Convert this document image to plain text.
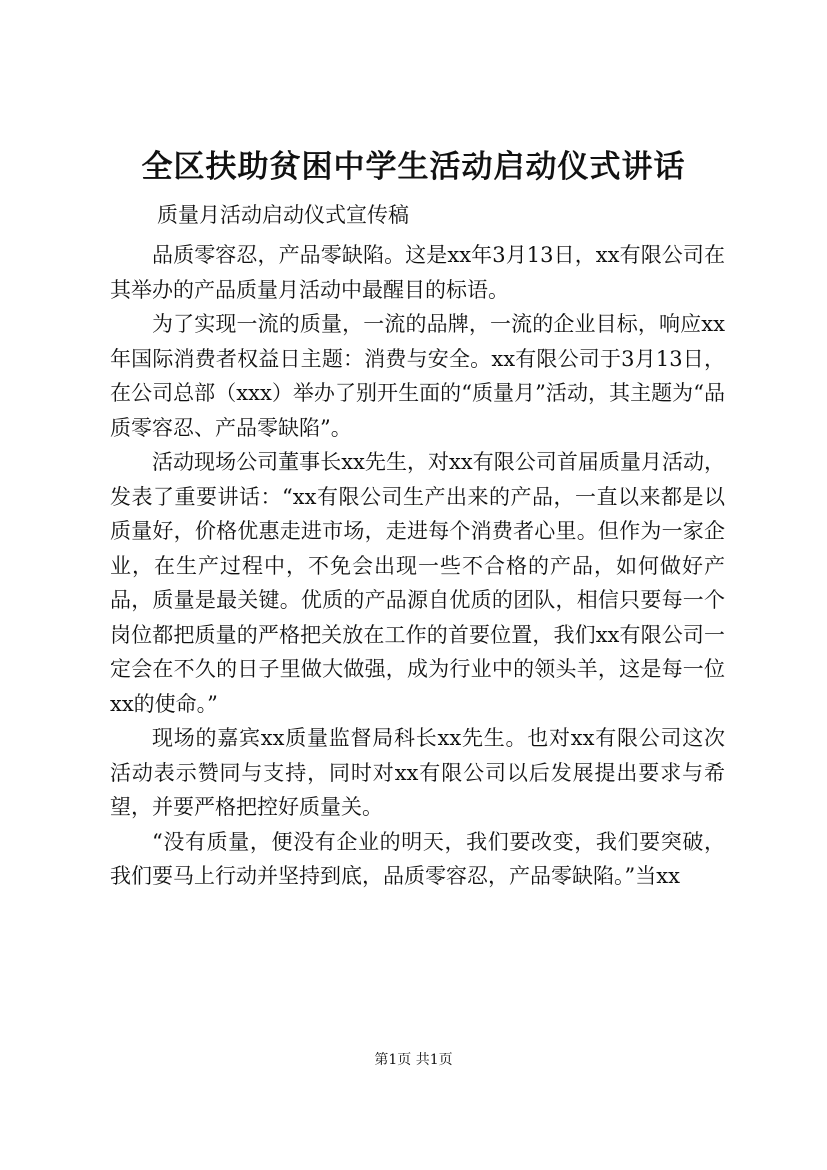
全区扶助贫困中学生活动启动仪式讲话

质量月活动启动仪式宣传稿

品质零容忍，产品零缺陷。这是xx年3月13日，xx有限公司在其举办的产品质量月活动中最醒目的标语。

为了实现一流的质量，一流的品牌，一流的企业目标，响应xx年国际消费者权益日主题：消费与安全。xx有限公司于3月13日，在公司总部（xxx）举办了别开生面的“质量月”活动，其主题为“品质零容忍、产品零缺陷”。

活动现场公司董事长xx先生，对xx有限公司首届质量月活动，发表了重要讲话：“xx有限公司生产出来的产品，一直以来都是以质量好，价格优惠走进市场，走进每个消费者心里。但作为一家企业，在生产过程中，不免会出现一些不合格的产品，如何做好产品，质量是最关键。优质的产品源自优质的团队，相信只要每一个岗位都把质量的严格把关放在工作的首要位置，我们xx有限公司一定会在不久的日子里做大做强，成为行业中的领头羊，这是每一位xx的使命。”

现场的嘉宾xx质量监督局科长xx先生。也对xx有限公司这次活动表示赞同与支持，同时对xx有限公司以后发展提出要求与希望，并要严格把控好质量关。

“没有质量，便没有企业的明天，我们要改变，我们要突破，我们要马上行动并坚持到底，品质零容忍，产品零缺陷。”当xx

第1页 共1页
